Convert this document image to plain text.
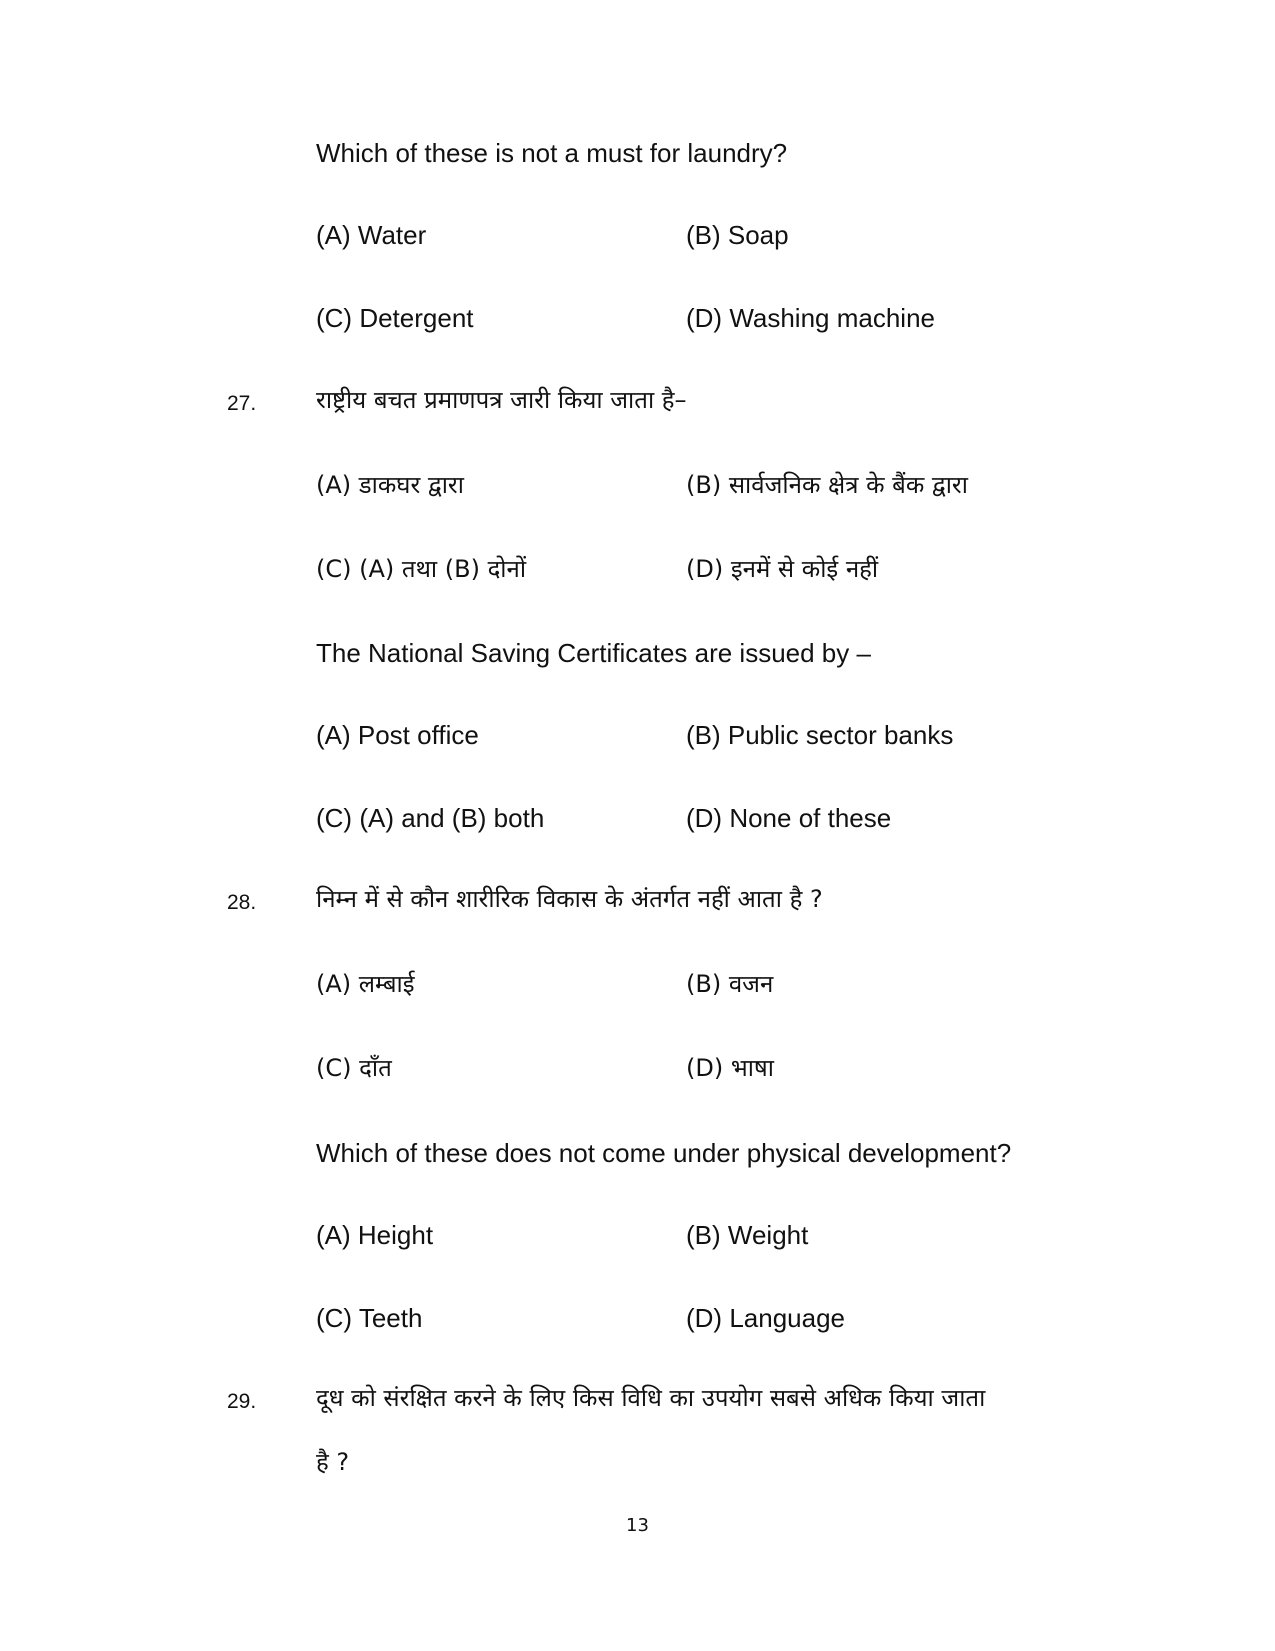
Which of these is not a must for laundry?
(A) Water	(B) Soap
(C) Detergent	(D) Washing machine
27. राष्ट्रीय बचत प्रमाणपत्र जारी किया जाता है–
(A) डाकघर द्वारा	(B) सार्वजनिक क्षेत्र के बैंक द्वारा
(C) (A) तथा (B) दोनों	(D) इनमें से कोई नहीं
The National Saving Certificates are issued by –
(A) Post office	(B) Public sector banks
(C) (A) and (B) both	(D) None of these
28. निम्न में से कौन शारीरिक विकास के अंतर्गत नहीं आता है ?
(A) लम्बाई	(B) वजन
(C) दाँत	(D) भाषा
Which of these does not come under physical development?
(A) Height	(B) Weight
(C) Teeth	(D) Language
29. दूध को संरक्षित करने के लिए किस विधि का उपयोग सबसे अधिक किया जाता
है ?
13
